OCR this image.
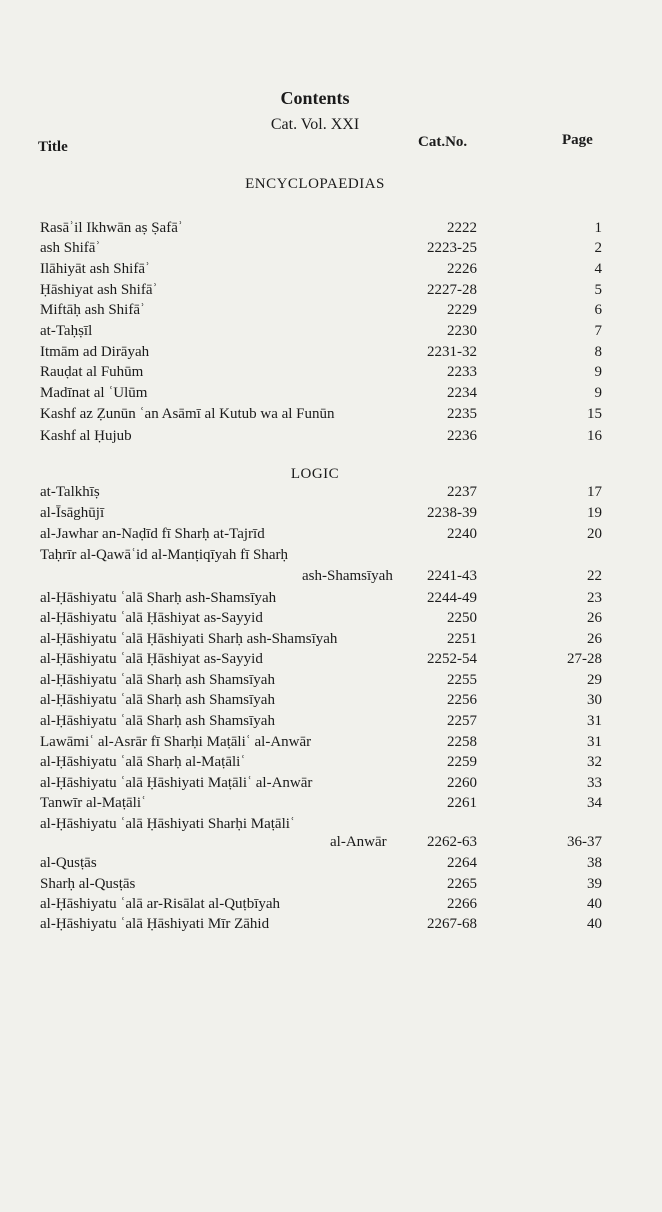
Contents
Cat. Vol. XXI
Title	Cat.No.	Page
ENCYCLOPAEDIAS
Rasāʾil Ikhwān aṣ Ṣafāʾ	2222	1
ash Shifāʾ	2223-25	2
Ilāhiyāt ash Shifāʾ	2226	4
Ḥāshiyat ash Shifāʾ	2227-28	5
Miftāḥ ash Shifāʾ	2229	6
at-Taḥṣīl	2230	7
Itmām ad Dirāyah	2231-32	8
Rauḍat al Fuhūm	2233	9
Madīnat al ʿUlūm	2234	9
Kashf az Ẓunūn ʿan Asāmī al Kutub wa al Funūn	2235	15
Kashf al Ḥujub	2236	16
LOGIC
at-Talkhīṣ	2237	17
al-Īsāghūjī	2238-39	19
al-Jawhar an-Naḍīd fī Sharḥ at-Tajrīd	2240	20
Taḥrīr al-Qawāʿid al-Manṭiqīyah fī Sharḥ
ash-Shamsīyah 2241-43	22
al-Ḥāshiyatu ʿalā Sharḥ ash-Shamsīyah	2244-49	23
al-Ḥāshiyatu ʿalā Ḥāshiyat as-Sayyid	2250	26
al-Ḥāshiyatu ʿalā Ḥāshiyati Sharḥ ash-Shamsīyah	2251	26
al-Ḥāshiyatu ʿalā Ḥāshiyat as-Sayyid	2252-54	27-28
al-Ḥāshiyatu ʿalā Sharḥ ash Shamsīyah	2255	29
al-Ḥāshiyatu ʿalā Sharḥ ash Shamsīyah	2256	30
al-Ḥāshiyatu ʿalā Sharḥ ash Shamsīyah	2257	31
Lawāmiʿ al-Asrār fī Sharḥi Maṭāliʿ al-Anwār	2258	31
al-Ḥāshiyatu ʿalā Sharḥ al-Maṭāliʿ	2259	32
al-Ḥāshiyatu ʿalā Ḥāshiyati Maṭāliʿ al-Anwār	2260	33
Tanwīr al-Maṭāliʿ	2261	34
al-Ḥāshiyatu ʿalā Ḥāshiyati Sharḥi Maṭāliʿ
al-Anwār	2262-63	36-37
al-Qusṭās	2264	38
Sharḥ al-Qusṭās	2265	39
al-Ḥāshiyatu ʿalā ar-Risālat al-Quṭbīyah	2266	40
al-Ḥāshiyatu ʿalā Ḥāshiyati Mīr Zāhid	2267-68	40
